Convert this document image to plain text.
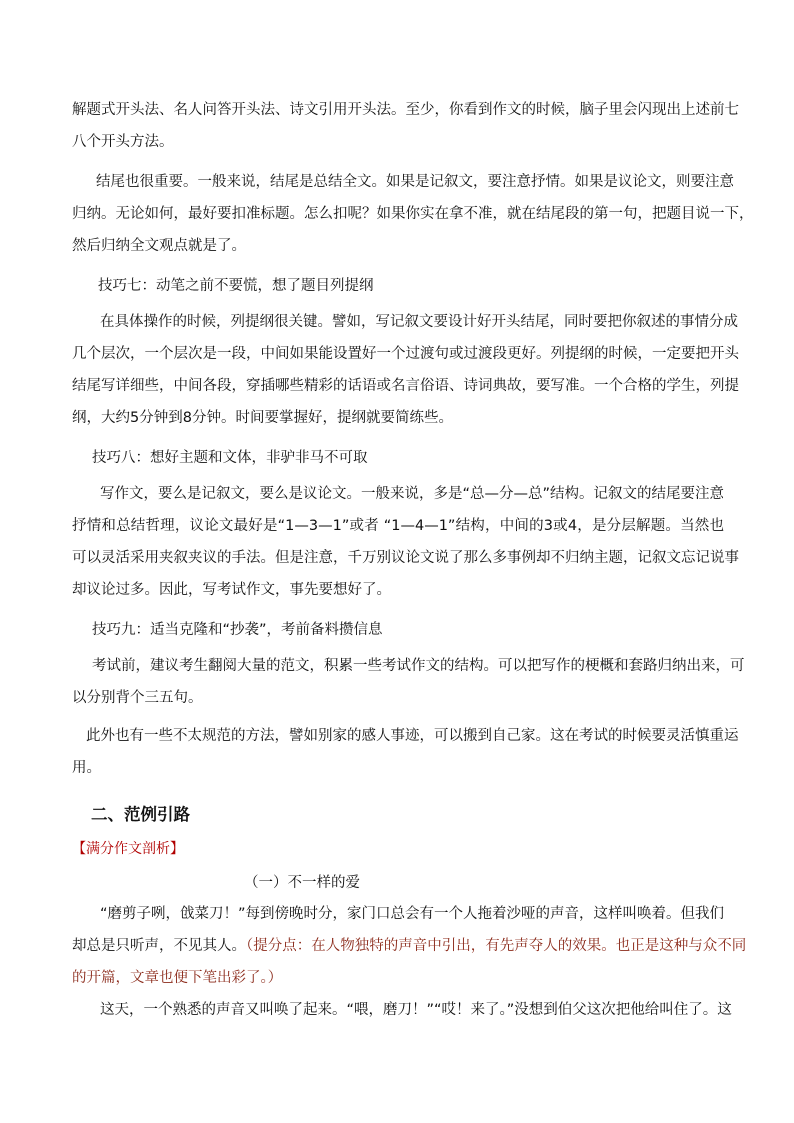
解题式开头法、名人问答开头法、诗文引用开头法。至少，你看到作文的时候，脑子里会闪现出上述前七
八个开头方法。

结尾也很重要。一般来说，结尾是总结全文。如果是记叙文，要注意抒情。如果是议论文，则要注意
归纳。无论如何，最好要扣准标题。怎么扣呢？如果你实在拿不准，就在结尾段的第一句，把题目说一下，
然后归纳全文观点就是了。

技巧七：动笔之前不要慌，想了题目列提纲

在具体操作的时候，列提纲很关键。譬如，写记叙文要设计好开头结尾，同时要把你叙述的事情分成
几个层次，一个层次是一段，中间如果能设置好一个过渡句或过渡段更好。列提纲的时候，一定要把开头
结尾写详细些，中间各段，穿插哪些精彩的话语或名言俗语、诗词典故，要写准。一个合格的学生，列提
纲，大约5分钟到8分钟。时间要掌握好，提纲就要简练些。

技巧八：想好主题和文体，非驴非马不可取

写作文，要么是记叙文，要么是议论文。一般来说，多是“总—分—总”结构。记叙文的结尾要注意
抒情和总结哲理，议论文最好是“1—3—1”或者 “1—4—1”结构，中间的3或4，是分层解题。当然也
可以灵活采用夹叙夹议的手法。但是注意，千万别议论文说了那么多事例却不归纳主题，记叙文忘记说事
却议论过多。因此，写考试作文，事先要想好了。

技巧九：适当克隆和“抄袭”，考前备料攒信息

考试前，建议考生翻阅大量的范文，积累一些考试作文的结构。可以把写作的梗概和套路归纳出来，可
以分别背个三五句。

此外也有一些不太规范的方法，譬如别家的感人事迹，可以搬到自己家。这在考试的时候要灵活慎重运
用。

二、范例引路
【满分作文剖析】
（一）不一样的爱

“磨剪子咧，戗菜刀！”每到傍晚时分，家门口总会有一个人拖着沙哑的声音，这样叫唤着。但我们
却总是只听声，不见其人。（提分点：在人物独特的声音中引出，有先声夺人的效果。也正是这种与众不同
的开篇，文章也便下笔出彩了。）

这天，一个熟悉的声音又叫唤了起来。“喂，磨刀！”“哎！来了。”没想到伯父这次把他给叫住了。这
